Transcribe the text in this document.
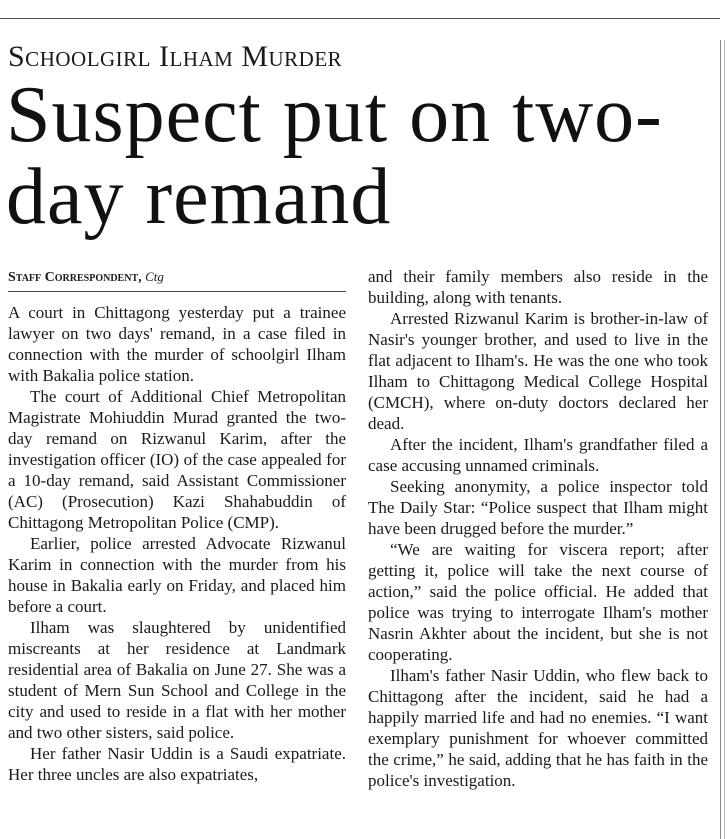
Schoolgirl Ilham Murder
Suspect put on two-day remand
Staff Correspondent, Ctg

A court in Chittagong yesterday put a trainee lawyer on two days' remand, in a case filed in connection with the murder of schoolgirl Ilham with Bakalia police station.

The court of Additional Chief Metropolitan Magistrate Mohiuddin Murad granted the two-day remand on Rizwanul Karim, after the investigation officer (IO) of the case appealed for a 10-day remand, said Assistant Commissioner (AC) (Prosecution) Kazi Shahabuddin of Chittagong Metropolitan Police (CMP).

Earlier, police arrested Advocate Rizwanul Karim in connection with the murder from his house in Bakalia early on Friday, and placed him before a court.

Ilham was slaughtered by unidentified miscreants at her residence at Landmark residential area of Bakalia on June 27. She was a student of Mern Sun School and College in the city and used to reside in a flat with her mother and two other sisters, said police.

Her father Nasir Uddin is a Saudi expatriate. Her three uncles are also expatriates,

and their family members also reside in the building, along with tenants.

Arrested Rizwanul Karim is brother-in-law of Nasir's younger brother, and used to live in the flat adjacent to Ilham's. He was the one who took Ilham to Chittagong Medical College Hospital (CMCH), where on-duty doctors declared her dead.

After the incident, Ilham's grandfather filed a case accusing unnamed criminals.

Seeking anonymity, a police inspector told The Daily Star: “Police suspect that Ilham might have been drugged before the murder.”

“We are waiting for viscera report; after getting it, police will take the next course of action,” said the police official. He added that police was trying to interrogate Ilham's mother Nasrin Akhter about the incident, but she is not cooperating.

Ilham's father Nasir Uddin, who flew back to Chittagong after the incident, said he had a happily married life and had no enemies. “I want exemplary punishment for whoever committed the crime,” he said, adding that he has faith in the police's investigation.
